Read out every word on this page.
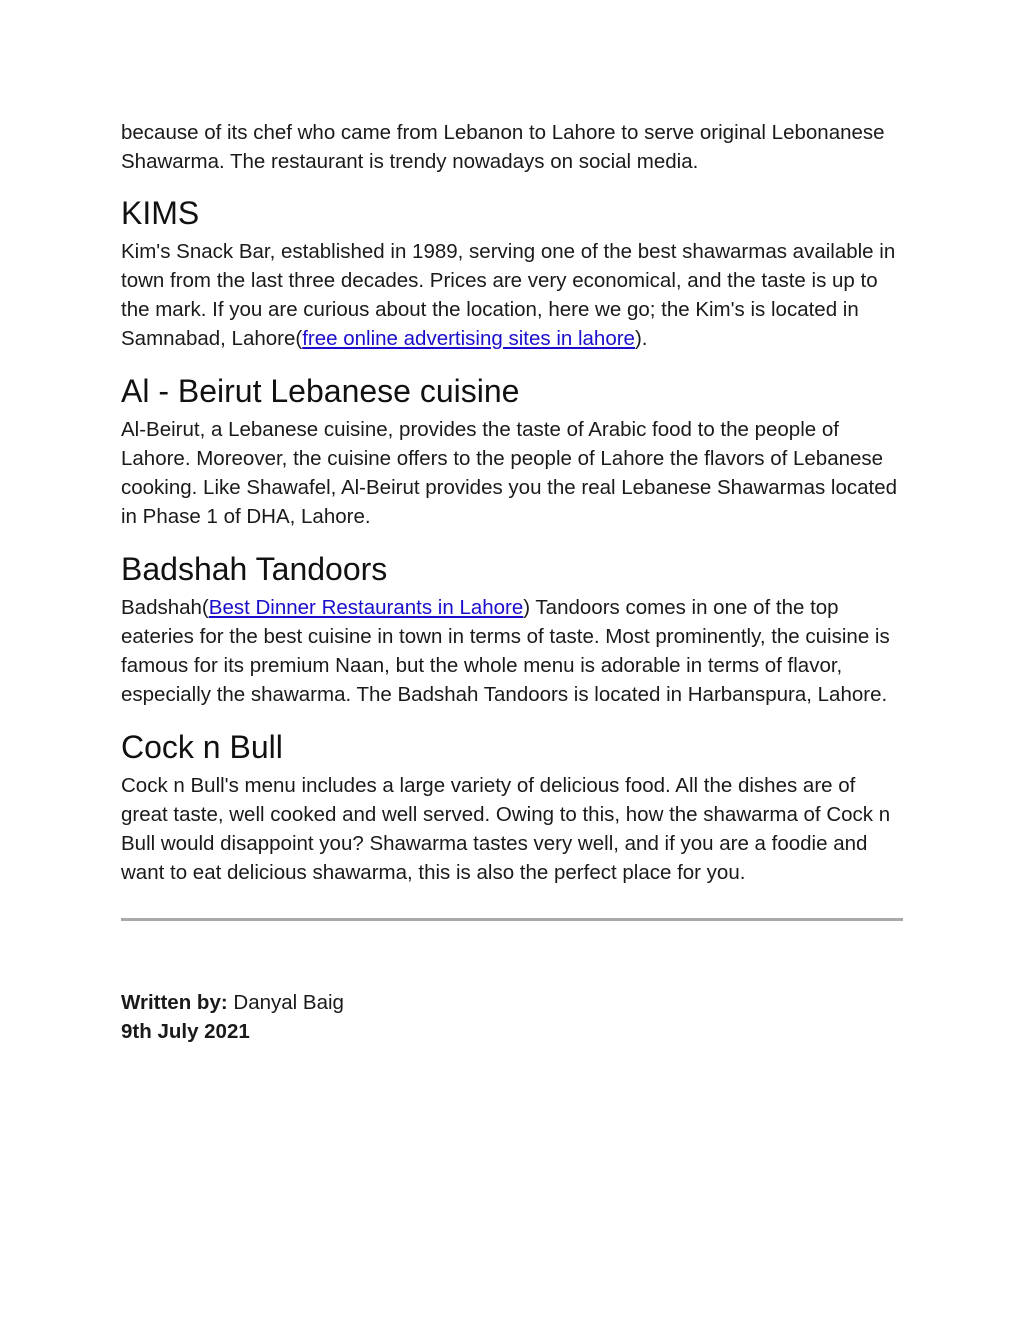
because of its chef who came from Lebanon to Lahore to serve original Lebonanese Shawarma. The restaurant is trendy nowadays on social media.

KIMS

Kim's Snack Bar, established in 1989, serving one of the best shawarmas available in town from the last three decades. Prices are very economical, and the taste is up to the mark. If you are curious about the location, here we go; the Kim's is located in Samnabad, Lahore(free online advertising sites in lahore).

Al - Beirut Lebanese cuisine

Al-Beirut, a Lebanese cuisine, provides the taste of Arabic food to the people of Lahore. Moreover, the cuisine offers to the people of Lahore the flavors of Lebanese cooking. Like Shawafel, Al-Beirut provides you the real Lebanese Shawarmas located in Phase 1 of DHA, Lahore.

Badshah Tandoors

Badshah(Best Dinner Restaurants in Lahore) Tandoors comes in one of the top eateries for the best cuisine in town in terms of taste. Most prominently, the cuisine is famous for its premium Naan, but the whole menu is adorable in terms of flavor, especially the shawarma. The Badshah Tandoors is located in Harbanspura, Lahore.

Cock n Bull

Cock n Bull's menu includes a large variety of delicious food. All the dishes are of great taste, well cooked and well served. Owing to this, how the shawarma of Cock n Bull would disappoint you? Shawarma tastes very well, and if you are a foodie and want to eat delicious shawarma, this is also the perfect place for you.

Written by: Danyal Baig

9th July 2021
